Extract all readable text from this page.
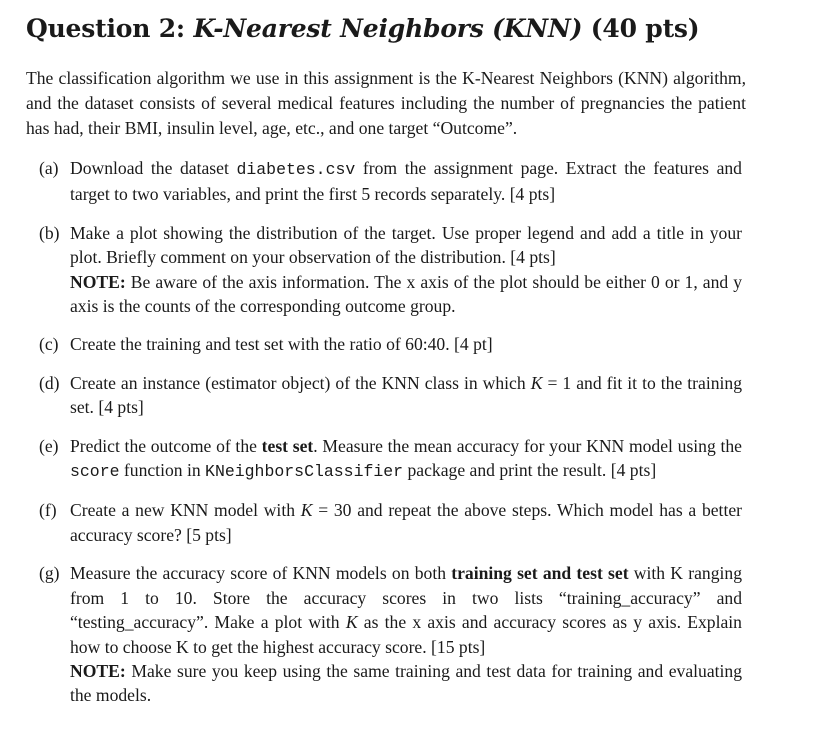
Question 2: K-Nearest Neighbors (KNN) (40 pts)
The classification algorithm we use in this assignment is the K-Nearest Neighbors (KNN) algorithm, and the dataset consists of several medical features including the number of pregnancies the patient has had, their BMI, insulin level, age, etc., and one target “Outcome”.
(a) Download the dataset diabetes.csv from the assignment page. Extract the features and target to two variables, and print the first 5 records separately. [4 pts]
(b) Make a plot showing the distribution of the target. Use proper legend and add a title in your plot. Briefly comment on your observation of the distribution. [4 pts]
NOTE: Be aware of the axis information. The x axis of the plot should be either 0 or 1, and y axis is the counts of the corresponding outcome group.
(c) Create the training and test set with the ratio of 60:40. [4 pt]
(d) Create an instance (estimator object) of the KNN class in which K = 1 and fit it to the training set. [4 pts]
(e) Predict the outcome of the test set. Measure the mean accuracy for your KNN model using the score function in KNeighborsClassifier package and print the result. [4 pts]
(f) Create a new KNN model with K = 30 and repeat the above steps. Which model has a better accuracy score? [5 pts]
(g) Measure the accuracy score of KNN models on both training set and test set with K ranging from 1 to 10. Store the accuracy scores in two lists “training_accuracy” and “testing_accuracy”. Make a plot with K as the x axis and accuracy scores as y axis. Explain how to choose K to get the highest accuracy score. [15 pts]
NOTE: Make sure you keep using the same training and test data for training and evaluating the models.
